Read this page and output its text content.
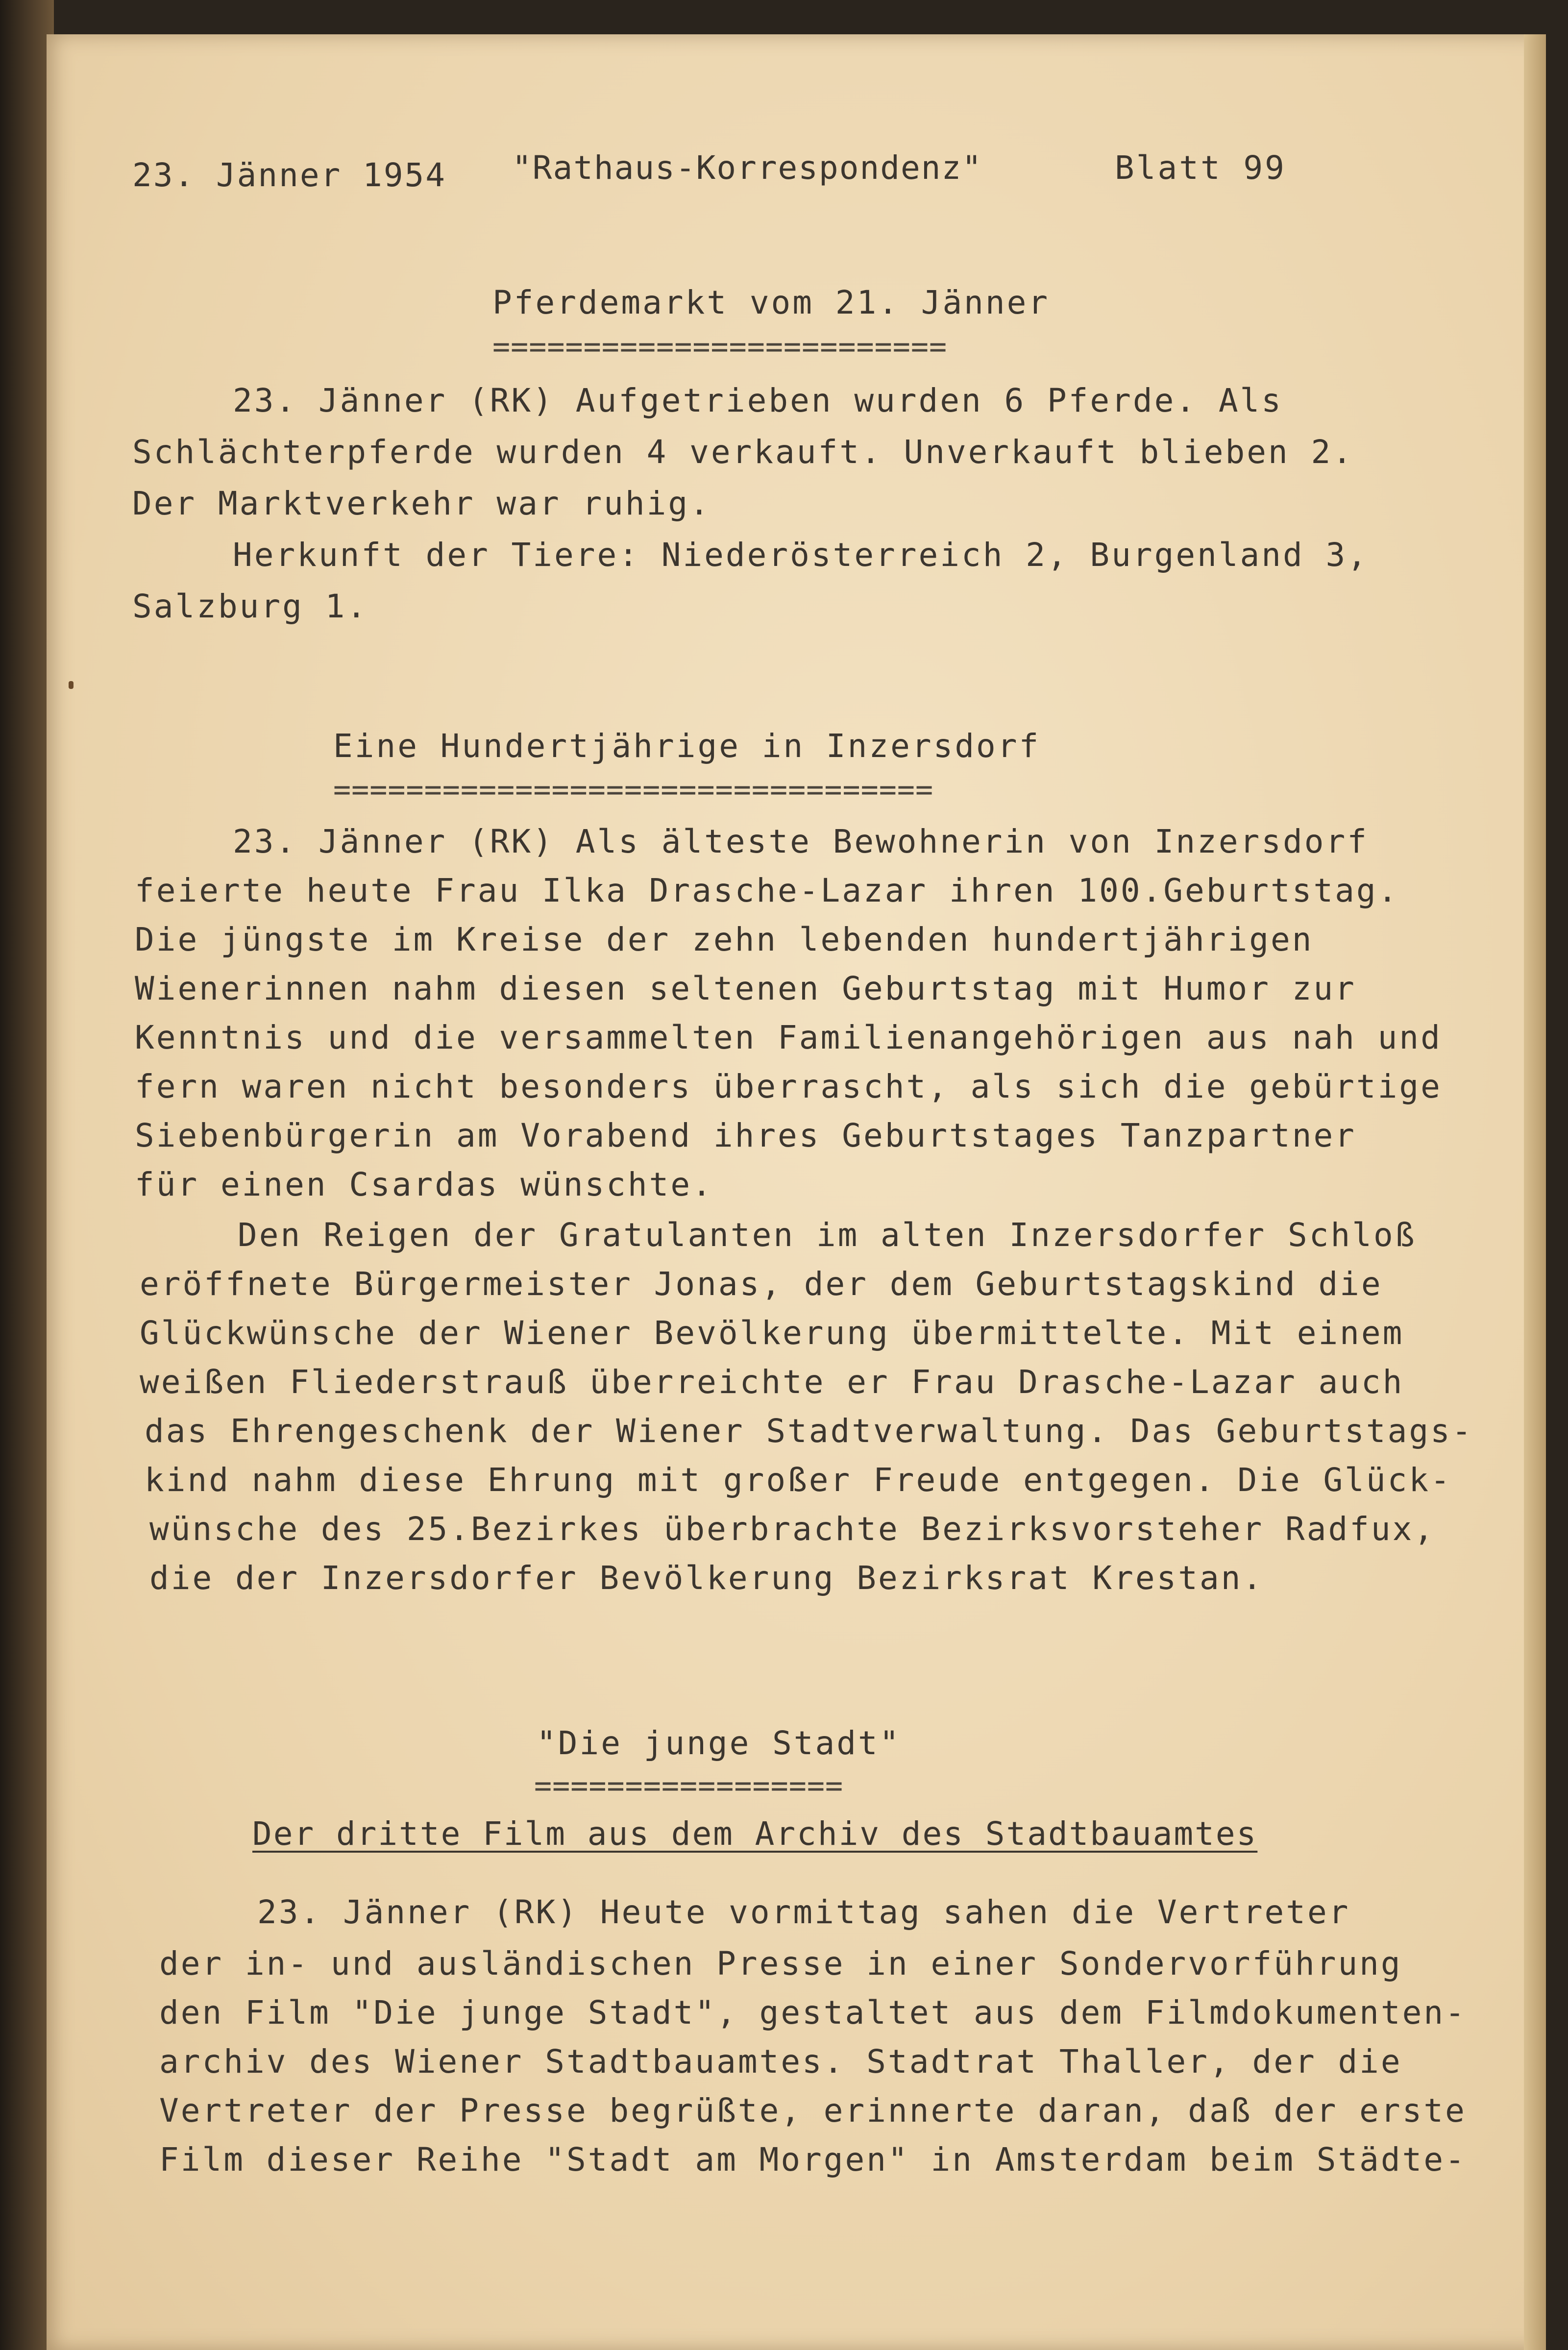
23. Jänner 1954 "Rathaus-Korrespondenz"	Blatt 99

Pferdemarkt vom 21. Jänner

=========================

23. Jänner (RK) Aufgetrieben wurden 6 Pferde. Als

Schlächterpferde wurden 4 verkauft. Unverkauft blieben 2.

Der Marktverkehr war ruhig.

Herkunft der Tiere: Niederösterreich 2, Burgenland 3,

Salzburg 1.

Eine Hundertjährige in Inzersdorf

=================================

23. Jänner (RK) Als älteste Bewohnerin von Inzersdorf

feierte heute Frau Ilka Drasche-Lazar ihren 100.Geburtstag.

Die jüngste im Kreise der zehn lebenden hundertjährigen

Wienerinnen nahm diesen seltenen Geburtstag mit Humor zur

Kenntnis und die versammelten Familienangehörigen aus nah und

fern waren nicht besonders überrascht, als sich die gebürtige

Siebenbürgerin am Vorabend ihres Geburtstages Tanzpartner

für einen Csardas wünschte.

Den Reigen der Gratulanten im alten Inzersdorfer Schloß

eröffnete Bürgermeister Jonas, der dem Geburtstagskind die

Glückwünsche der Wiener Bevölkerung übermittelte. Mit einem

weißen Fliederstrauß überreichte er Frau Drasche-Lazar auch

das Ehrengeschenk der Wiener Stadtverwaltung. Das Geburtstags-

kind nahm diese Ehrung mit großer Freude entgegen. Die Glück-

wünsche des 25.Bezirkes überbrachte Bezirksvorsteher Radfux,

die der Inzersdorfer Bevölkerung Bezirksrat Krestan.

"Die junge Stadt"

=================

Der dritte Film aus dem Archiv des Stadtbauamtes

23. Jänner (RK) Heute vormittag sahen die Vertreter

der in- und ausländischen Presse in einer Sondervorführung

den Film "Die junge Stadt", gestaltet aus dem Filmdokumenten-

archiv des Wiener Stadtbauamtes. Stadtrat Thaller, der die

Vertreter der Presse begrüßte, erinnerte daran, daß der erste

Film dieser Reihe "Stadt am Morgen" in Amsterdam beim Städte-
